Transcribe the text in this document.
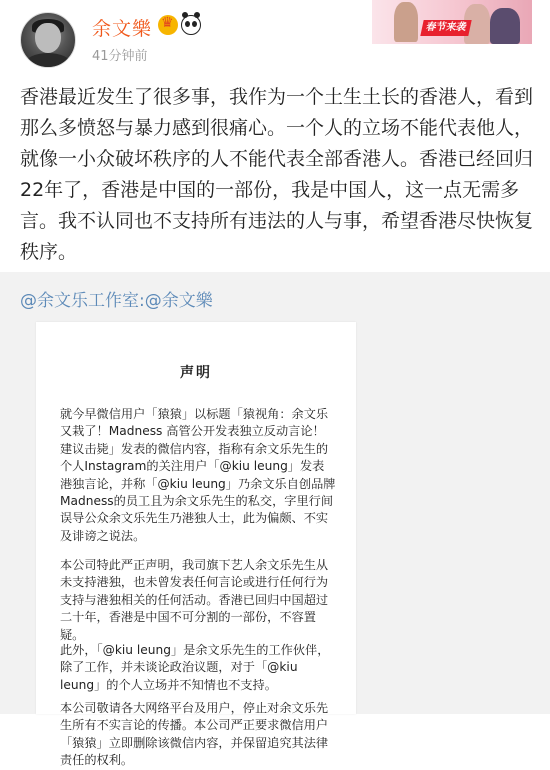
余文樂
♛
41分钟前
春节来袭

香港最近发生了很多事，我作为一个土生土长的香港人，看到那么多愤怒与暴力感到很痛心。一个人的立场不能代表他人，就像一小众破坏秩序的人不能代表全部香港人。香港已经回归22年了，香港是中国的一部份，我是中国人，这一点无需多言。我不认同也不支持所有违法的人与事，希望香港尽快恢复秩序。

@余文乐工作室:@余文樂
声明

就今早微信用户「猿猿」以标题「猿视角：余文乐又栽了！Madness 高管公开发表独立反动言论！建议击毙」发表的微信内容，指称有余文乐先生的个人Instagram的关注用户「@kiu leung」发表港独言论，并称「@kiu leung」乃余文乐自创品牌Madness的员工且为余文乐先生的私交，字里行间误导公众余文乐先生乃港独人士，此为偏颇、不实及诽谤之说法。

本公司特此严正声明，我司旗下艺人余文乐先生从未支持港独，也未曾发表任何言论或进行任何行为支持与港独相关的任何活动。香港已回归中国超过二十年，香港是中国不可分割的一部份，不容置疑。

此外，「@kiu leung」是余文乐先生的工作伙伴，除了工作，并未谈论政治议题，对于「@kiu leung」的个人立场并不知情也不支持。

本公司敬请各大网络平台及用户，停止对余文乐先生所有不实言论的传播。本公司严正要求微信用户「猿猿」立即删除该微信内容，并保留追究其法律责任的权利。
